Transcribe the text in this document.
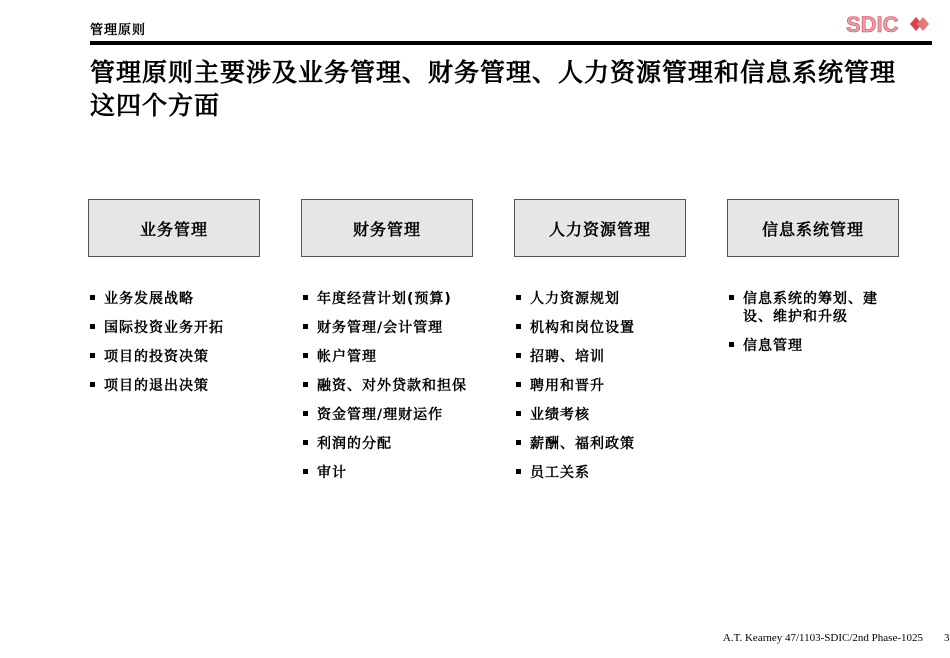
管理原则	SDIC
管理原则主要涉及业务管理、财务管理、人力资源管理和信息系统管理这四个方面
业务管理
业务发展战略
国际投资业务开拓
项目的投资决策
项目的退出决策
财务管理
年度经营计划(预算)
财务管理/会计管理
帐户管理
融资、对外贷款和担保
资金管理/理财运作
利润的分配
审计
人力资源管理
人力资源规划
机构和岗位设置
招聘、培训
聘用和晋升
业绩考核
薪酬、福利政策
员工关系
信息系统管理
信息系统的筹划、建设、维护和升级
信息管理
A.T. Kearney 47/1103-SDIC/2nd Phase-1025 3
